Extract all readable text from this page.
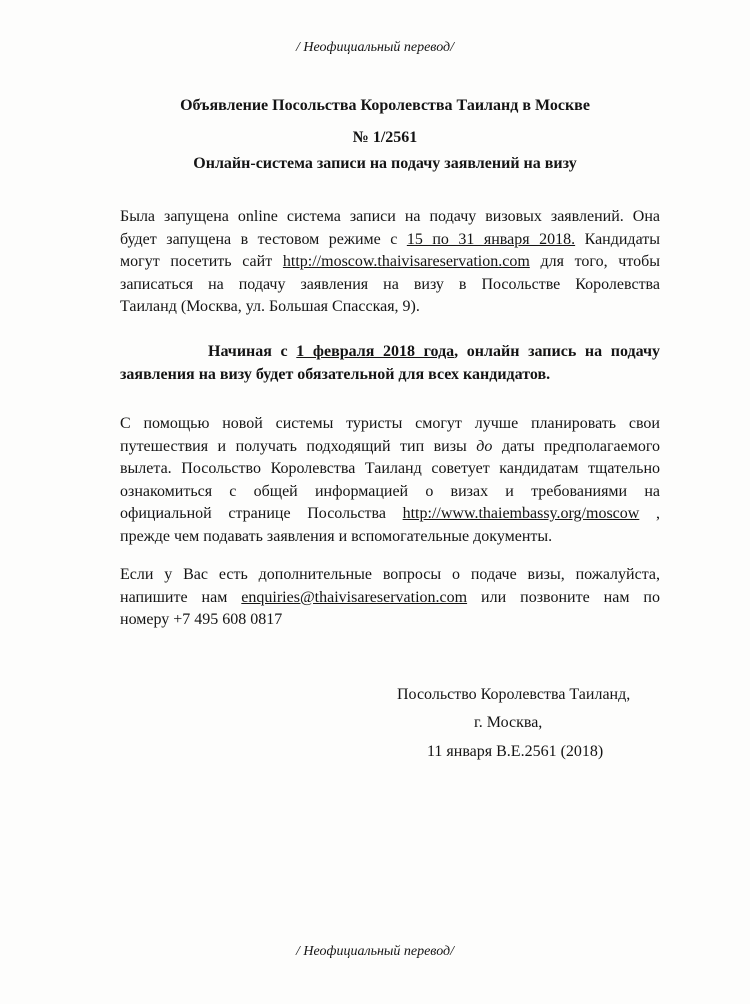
/ Неофициальный перевод/
Объявление Посольства Королевства Таиланд в Москве
№ 1/2561
Онлайн-система записи на подачу заявлений на визу
Была запущена online система записи на подачу визовых заявлений. Она
будет запущена в тестовом режиме с 15 по 31 января 2018. Кандидаты
могут посетить сайт http://moscow.thaivisareservation.com для того, чтобы
записаться на подачу заявления на визу в Посольстве Королевства
Таиланд (Москва, ул. Большая Спасская, 9).
Начиная с 1 февраля 2018 года, онлайн запись на подачу
заявления на визу будет обязательной для всех кандидатов.
С помощью новой системы туристы смогут лучше планировать свои
путешествия и получать подходящий тип визы до даты предполагаемого
вылета. Посольство Королевства Таиланд советует кандидатам тщательно
ознакомиться с общей информацией о визах и требованиями на
официальной странице Посольства http://www.thaiembassy.org/moscow ,
прежде чем подавать заявления и вспомогательные документы.
Если у Вас есть дополнительные вопросы о подаче визы, пожалуйста,
напишите нам enquiries@thaivisareservation.com или позвоните нам по
номеру +7 495 608 0817
Посольство Королевства Таиланд,
г. Москва,
11 января B.E.2561 (2018)
/ Неофициальный перевод/
